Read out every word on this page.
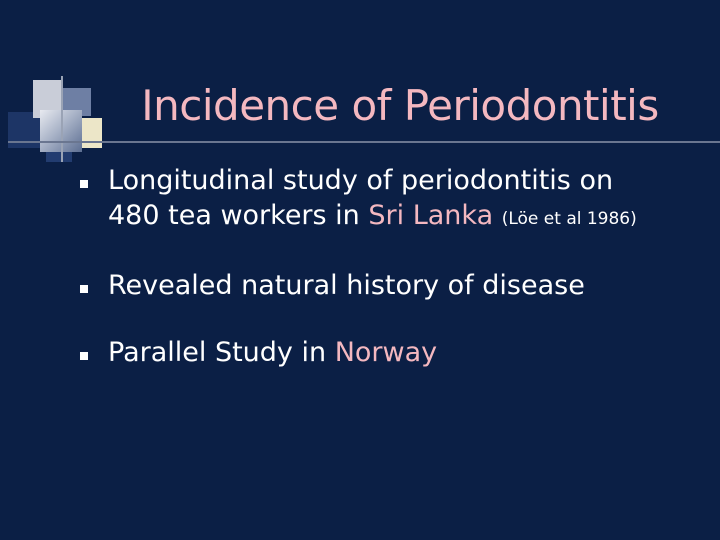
Incidence of Periodontitis
Longitudinal study of periodontitis on
480 tea workers in Sri Lanka (Löe et al 1986)
Revealed natural history of disease
Parallel Study in Norway
